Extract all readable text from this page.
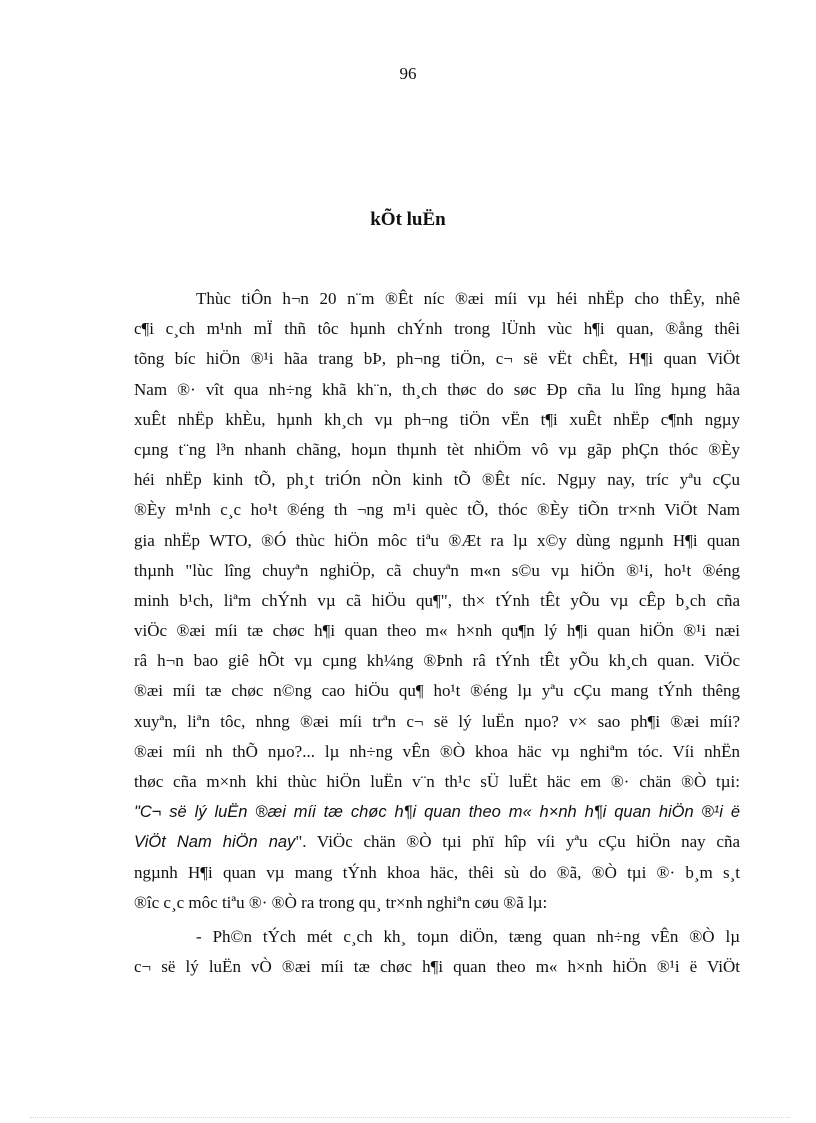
96
kÕt luËn
Thùc tiÔn h¬n 20 n¨m ®Êt níc ®æi míi vµ héi nhËp cho thÊy, nhê
c¶i c¸ch m¹nh mÏ thñ tôc hµnh chÝnh trong lÜnh vùc h¶i quan, ®ång thêi
tõng bíc hiÖn ®¹i hãa trang bÞ, ph¬ng tiÖn, c¬ së vËt chÊt, H¶i quan ViÖt
Nam ®· vît qua nh÷ng khã kh¨n, th¸ch thøc do søc Ðp cña lu lîng hµng hãa
xuÊt nhËp khÈu, hµnh kh¸ch vµ ph¬ng tiÖn vËn t¶i xuÊt nhËp c¶nh ngµy
cµng t¨ng l³n nhanh chãng, hoµn thµnh tèt nhiÖm vô vµ gãp phÇn thóc ®Èy
héi nhËp kinh tÕ, ph¸t triÓn nÒn kinh tÕ ®Êt níc. Ngµy nay, tríc yªu cÇu
®Èy m¹nh c¸c ho¹t ®éng th ¬ng m¹i quèc tÕ, thóc ®Èy tiÕn tr×nh ViÖt Nam
gia nhËp WTO, ®Ó thùc hiÖn môc tiªu ®Æt ra lµ x©y dùng ngµnh H¶i quan
thµnh "lùc lîng chuyªn nghiÖp, cã chuyªn m«n s©u vµ hiÖn ®¹i, ho¹t ®éng
minh b¹ch, liªm chÝnh vµ cã hiÖu qu¶", th× tÝnh tÊt yÕu vµ cÊp b¸ch cña
viÖc ®æi míi tæ chøc h¶i quan theo m« h×nh qu¶n lý h¶i quan hiÖn ®¹i næi
râ h¬n bao giê hÕt vµ cµng kh¼ng ®Þnh râ tÝnh tÊt yÕu kh¸ch quan. ViÖc
®æi míi tæ chøc n©ng cao hiÖu qu¶ ho¹t ®éng lµ yªu cÇu mang tÝnh thêng
xuyªn, liªn tôc, nhng ®æi míi trªn c¬ së lý luËn nµo? v× sao ph¶i ®æi míi?
®æi míi nh thÕ nµo?... lµ nh÷ng vÊn ®Ò khoa häc vµ nghiªm tóc. Víi nhËn
thøc cña m×nh khi thùc hiÖn luËn v¨n th¹c sÜ luËt häc em ®· chän ®Ò tµi:
"C¬ së lý luËn ®æi míi tæ chøc h¶i quan theo m« h×nh h¶i quan hiÖn ®¹i ë
ViÖt Nam hiÖn nay". ViÖc chän ®Ò tµi phï hîp víi yªu cÇu hiÖn nay cña
ngµnh H¶i quan vµ mang tÝnh khoa häc, thêi sù do ®ã, ®Ò tµi ®· b¸m s¸t
®îc c¸c môc tiªu ®· ®Ò ra trong qu¸ tr×nh nghiªn cøu ®ã lµ:
- Ph©n tÝch mét c¸ch kh¸ toµn diÖn, tæng quan nh÷ng vÊn ®Ò lµ
c¬ së lý luËn vÒ ®æi míi tæ chøc h¶i quan theo m« h×nh hiÖn ®¹i ë ViÖt
